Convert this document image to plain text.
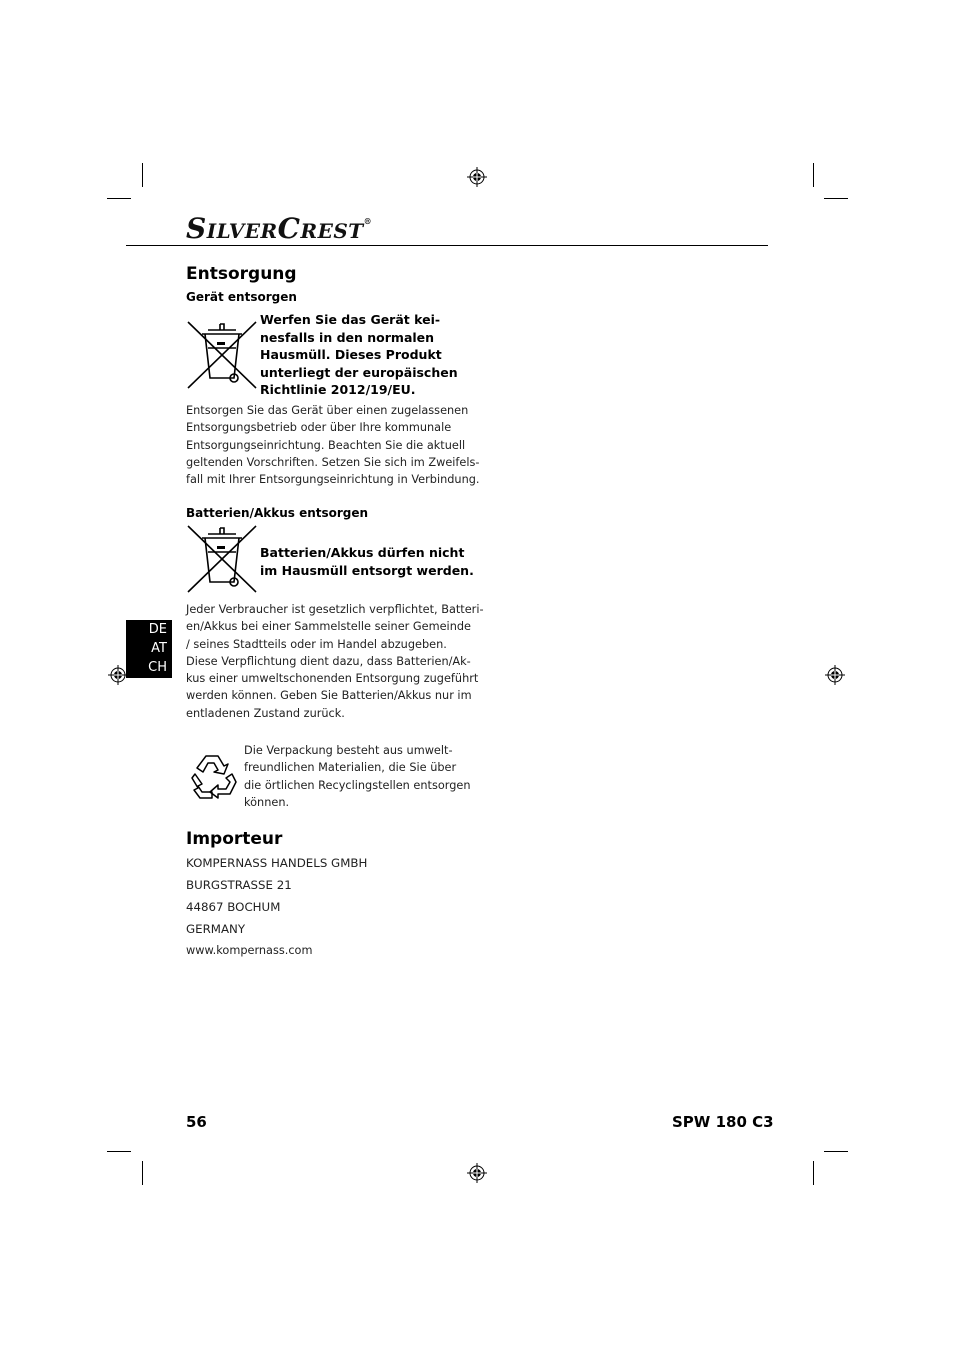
SILVERCREST®
Entsorgung
Gerät entsorgen
Werfen Sie das Gerät kei-
nesfalls in den normalen
Hausmüll. Dieses Produkt
unterliegt der europäischen
Richtlinie 2012/19/EU.
Entsorgen Sie das Gerät über einen zugelassenen
Entsorgungsbetrieb oder über Ihre kommunale
Entsorgungseinrichtung. Beachten Sie die aktuell
geltenden Vorschriften. Setzen Sie sich im Zweifels-
fall mit Ihrer Entsorgungseinrichtung in Verbindung.
Batterien/Akkus entsorgen
Batterien/Akkus dürfen nicht
im Hausmüll entsorgt werden.
Jeder Verbraucher ist gesetzlich verpflichtet, Batteri-
en/Akkus bei einer Sammelstelle seiner Gemeinde
/ seines Stadtteils oder im Handel abzugeben.
Diese Verpflichtung dient dazu, dass Batterien/Ak-
kus einer umweltschonenden Entsorgung zugeführt
werden können. Geben Sie Batterien/Akkus nur im
entladenen Zustand zurück.
Die Verpackung besteht aus umwelt-
freundlichen Materialien, die Sie über
die örtlichen Recyclingstellen entsorgen
können.
Importeur
KOMPERNASS HANDELS GMBH
BURGSTRASSE 21
44867 BOCHUM
GERMANY
www.kompernass.com
DE
AT
CH
56	SPW 180 C3
